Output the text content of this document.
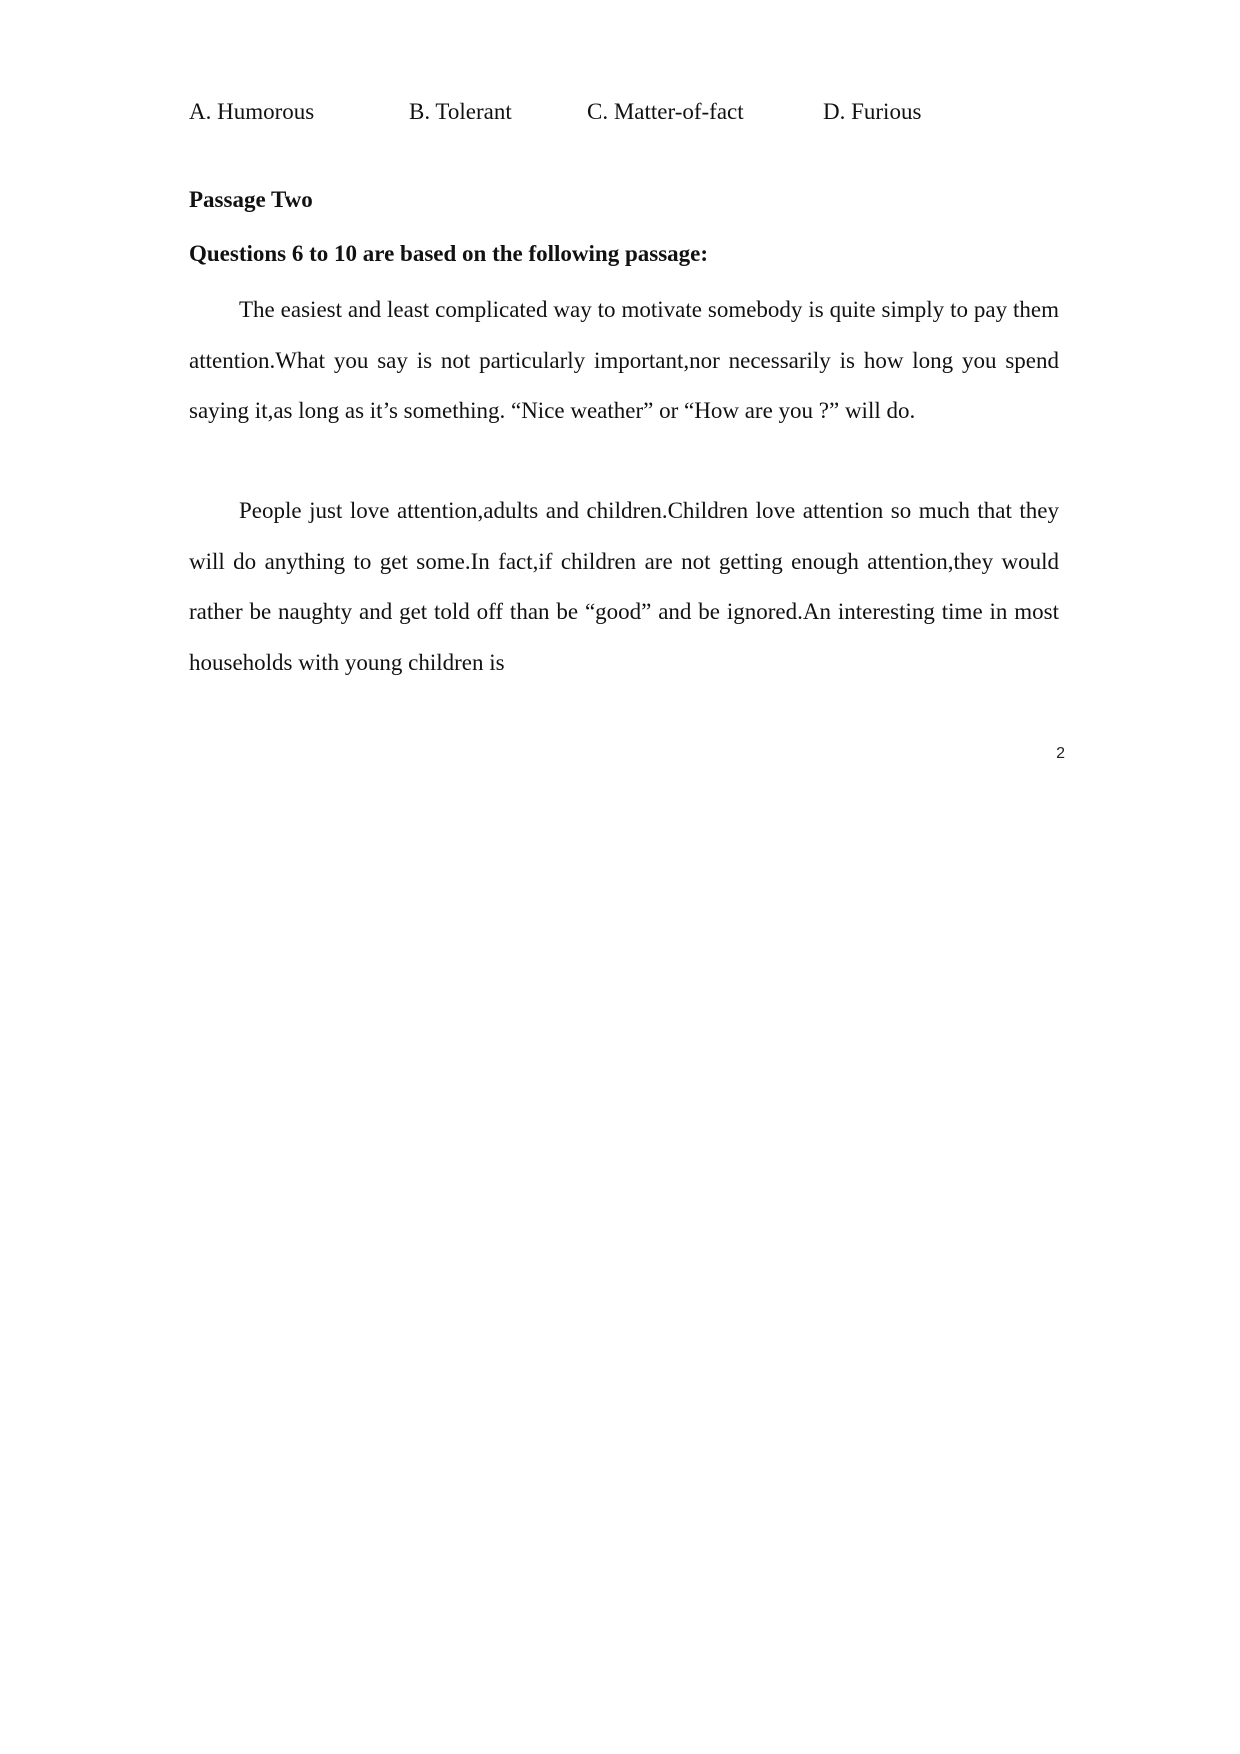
A. Humorous	B. Tolerant	C. Matter-of-fact	D. Furious
Passage Two
Questions 6 to 10 are based on the following passage:

The easiest and least complicated way to motivate somebody is quite simply to pay them attention.What you say is not particularly important,nor necessarily is how long you spend saying it,as long as it’s something. “Nice weather” or “How are you ?” will do.

People just love attention,adults and children.Children love attention so much that they will do anything to get some.In fact,if children are not getting enough attention,they would rather be naughty and get told off than be “good” and be ignored.An interesting time in most households with young children is

2
